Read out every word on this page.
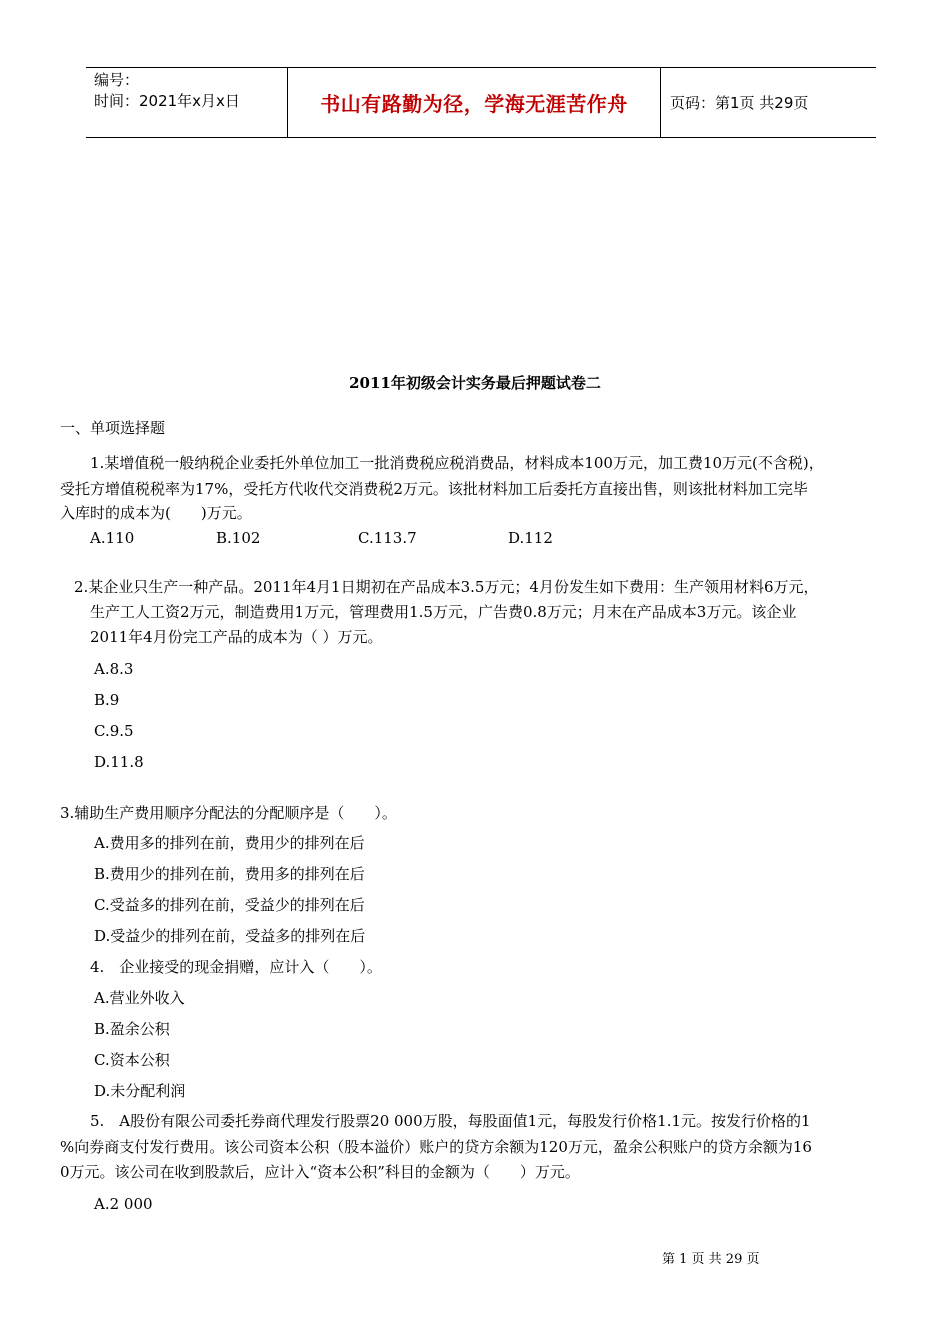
编号：
时间：2021年x月x日	书山有路勤为径，学海无涯苦作舟	页码：第1页 共29页
2011年初级会计实务最后押题试卷二
一、单项选择题
1.某增值税一般纳税企业委托外单位加工一批消费税应税消费品，材料成本100万元，加工费10万元(不含税)，
受托方增值税税率为17%，受托方代收代交消费税2万元。该批材料加工后委托方直接出售，则该批材料加工完毕
入库时的成本为(　　)万元。
A.110	B.102	C.113.7	D.112
2.某企业只生产一种产品。2011年4月1日期初在产品成本3.5万元；4月份发生如下费用：生产领用材料6万元，
生产工人工资2万元，制造费用1万元，管理费用1.5万元，广告费0.8万元；月末在产品成本3万元。该企业
2011年4月份完工产品的成本为（ ）万元。
A.8.3
B.9
C.9.5
D.11.8
3.辅助生产费用顺序分配法的分配顺序是（　　）。
A.费用多的排列在前，费用少的排列在后
B.费用少的排列在前，费用多的排列在后
C.受益多的排列在前，受益少的排列在后
D.受益少的排列在前，受益多的排列在后
4.　企业接受的现金捐赠，应计入（　　）。
A.营业外收入
B.盈余公积
C.资本公积
D.未分配利润
5.　A股份有限公司委托券商代理发行股票20 000万股，每股面值1元，每股发行价格1.1元。按发行价格的1
%向券商支付发行费用。该公司资本公积（股本溢价）账户的贷方余额为120万元，盈余公积账户的贷方余额为16
0万元。该公司在收到股款后，应计入“资本公积”科目的金额为（　　）万元。
A.2 000
第 1 页 共 29 页
